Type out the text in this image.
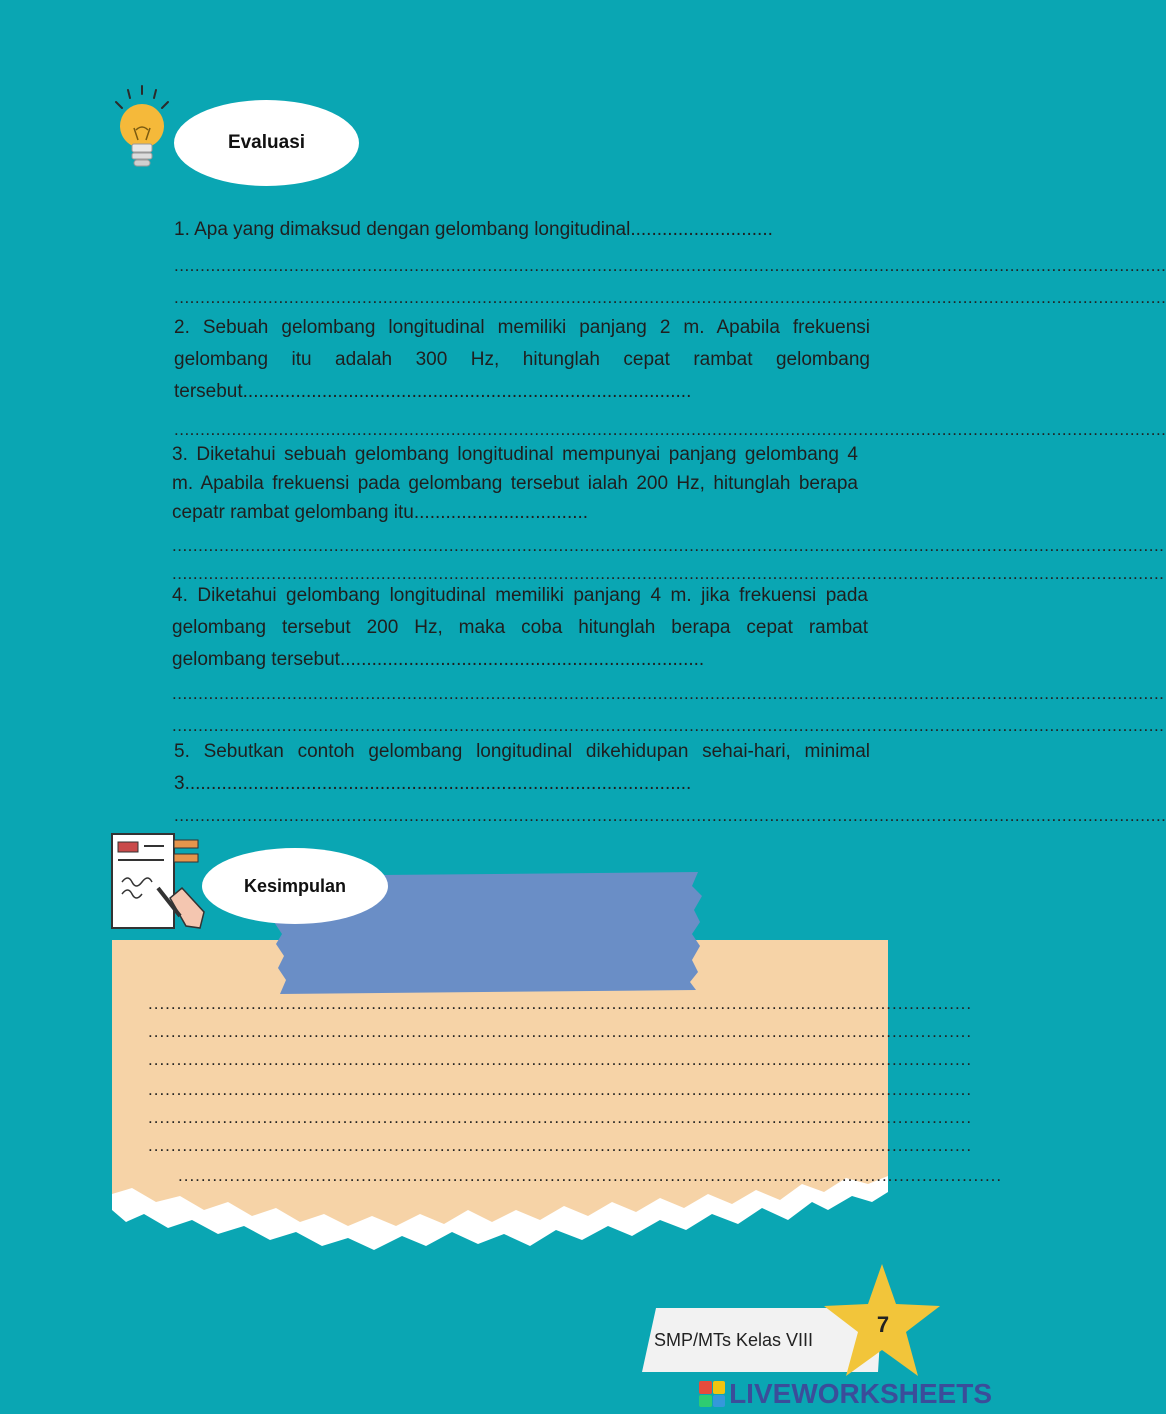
Evaluasi
1. Apa yang dimaksud dengan gelombang longitudinal...........................
..............................................................................................................................................................................................
..............................................................................................................................................................................................
2. Sebuah gelombang longitudinal memiliki panjang 2 m. Apabila frekuensi gelombang itu adalah 300 Hz, hitunglah cepat rambat gelombang tersebut.....................................................................................
..............................................................................................................................................................................................
3. Diketahui sebuah gelombang longitudinal mempunyai panjang gelombang 4 m. Apabila frekuensi pada gelombang tersebut ialah 200 Hz, hitunglah berapa cepatr rambat gelombang itu.................................
..............................................................................................................................................................................................
..............................................................................................................................................................................................
4. Diketahui gelombang longitudinal memiliki panjang 4 m. jika frekuensi pada gelombang tersebut 200 Hz, maka coba hitunglah berapa cepat rambat gelombang tersebut.....................................................................
..............................................................................................................................................................................................
..............................................................................................................................................................................................
5. Sebutkan contoh gelombang longitudinal dikehidupan sehai-hari, minimal 3................................................................................................
..............................................................................................................................................................................................
Kesimpulan
................................................................................................................................................
................................................................................................................................................
................................................................................................................................................
................................................................................................................................................
................................................................................................................................................
................................................................................................................................................
................................................................................................................................................
SMP/MTs Kelas VIII
7
LIVEWORKSHEETS
